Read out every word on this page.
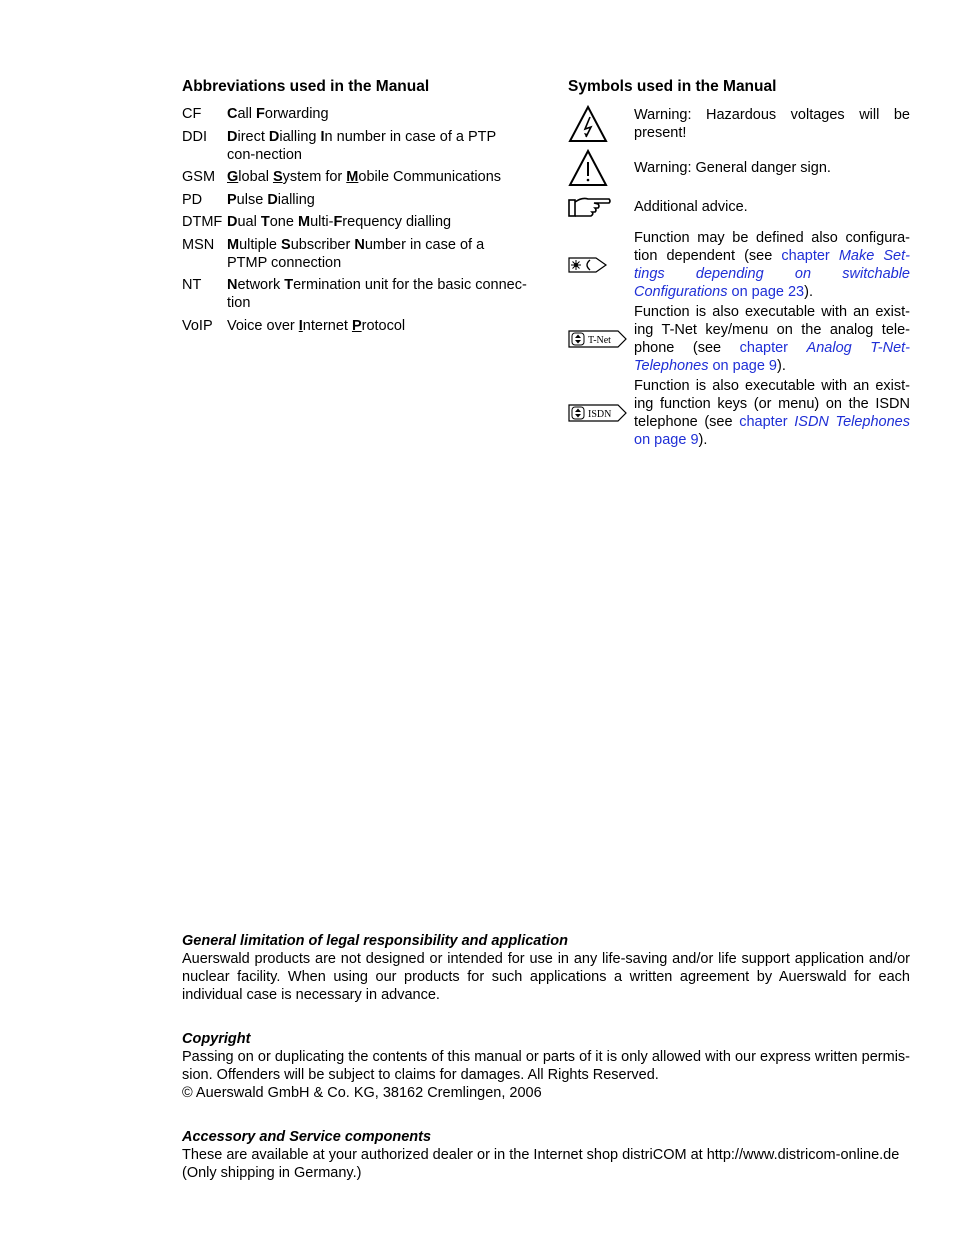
Abbreviations used in the Manual
CF	Call Forwarding
DDI	Direct Dialling In number in case of a PTP con-nection
GSM Global System for Mobile Communications
PD	Pulse Dialling
DTMF Dual Tone Multi-Frequency dialling
MSN Multiple Subscriber Number in case of a PTMP connection
NT	Network Termination unit for the basic connec-tion
VoIP Voice over Internet Protocol
Symbols used in the Manual
Warning: Hazardous voltages will be present!
Warning: General danger sign.
Additional advice.
Function may be defined also configura-tion dependent (see chapter Make Set-tings depending on switchable Configurations on page 23).
T-Net
Function is also executable with an exist-ing T-Net key/menu on the analog tele-phone (see chapter Analog T-Net-Telephones on page 9).
ISDN
Function is also executable with an exist-ing function keys (or menu) on the ISDN telephone (see chapter ISDN Telephones on page 9).
General limitation of legal responsibility and application

Auerswald products are not designed or intended for use in any life-saving and/or life support application and/or nuclear facility. When using our products for such applications a written agreement by Auerswald for each individual case is necessary in advance.

Copyright

Passing on or duplicating the contents of this manual or parts of it is only allowed with our express written permis-sion. Offenders will be subject to claims for damages. All Rights Reserved.
© Auerswald GmbH & Co. KG, 38162 Cremlingen, 2006

Accessory and Service components

These are available at your authorized dealer or in the Internet shop distriCOM at http://www.districom-online.de
(Only shipping in Germany.)
